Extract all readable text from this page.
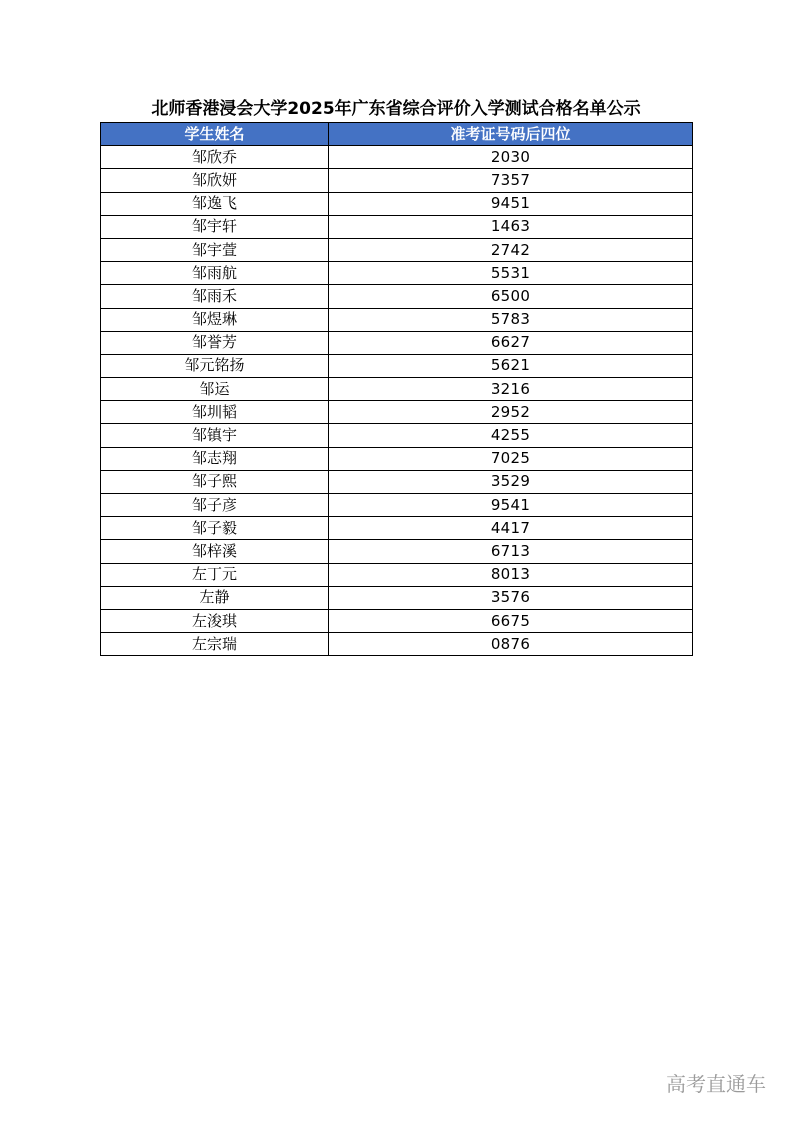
北师香港浸会大学2025年广东省综合评价入学测试合格名单公示
学生姓名	准考证号码后四位
邹欣乔	2030
邹欣妍	7357
邹逸飞	9451
邹宇轩	1463
邹宇萱	2742
邹雨航	5531
邹雨禾	6500
邹煜琳	5783
邹誉芳	6627
邹元铭扬	5621
邹运	3216
邹圳韬	2952
邹镇宇	4255
邹志翔	7025
邹子熙	3529
邹子彦	9541
邹子毅	4417
邹梓溪	6713
左丁元	8013
左静	3576
左浚琪	6675
左宗瑞	0876
高考直通车
